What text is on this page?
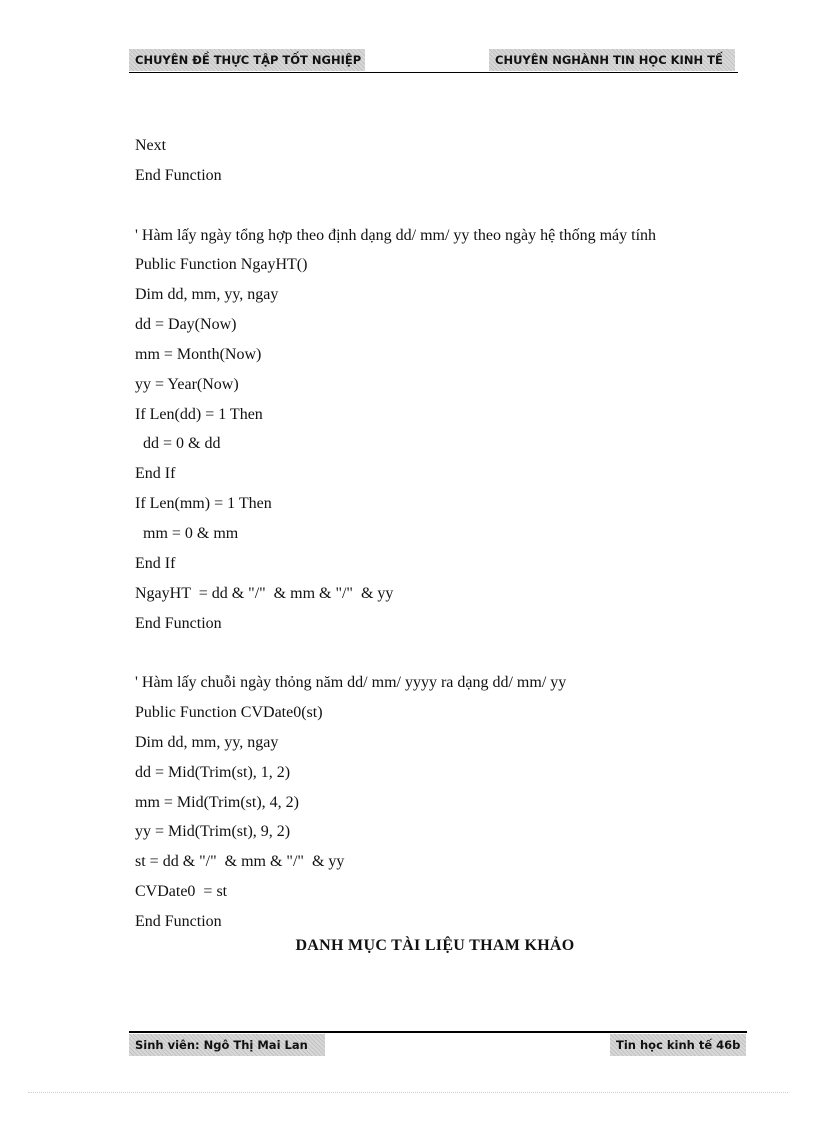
CHUYÊN ĐỀ THỰC TẬP TỐT NGHIỆP	CHUYÊN NGHÀNH TIN HỌC KINH TẾ
Next
End Function
' Hàm lấy ngày tổng hợp theo định dạng dd/ mm/ yy theo ngày hệ thống máy tính
Public Function NgayHT()
Dim dd, mm, yy, ngay
dd = Day(Now)
mm = Month(Now)
yy = Year(Now)
If Len(dd) = 1 Then
dd = 0 & dd
End If
If Len(mm) = 1 Then
mm = 0 & mm
End If
NgayHT  = dd & "/"  & mm & "/"  & yy
End Function
' Hàm lấy chuỗi ngày thỏng năm dd/ mm/ yyyy ra dạng dd/ mm/ yy
Public Function CVDate0(st)
Dim dd, mm, yy, ngay
dd = Mid(Trim(st), 1, 2)
mm = Mid(Trim(st), 4, 2)
yy = Mid(Trim(st), 9, 2)
st = dd & "/"  & mm & "/"  & yy
CVDate0  = st
End Function
DANH MỤC TÀI LIỆU THAM KHẢO
Sinh viên: Ngô Thị Mai Lan	Tin học kinh tế 46b
